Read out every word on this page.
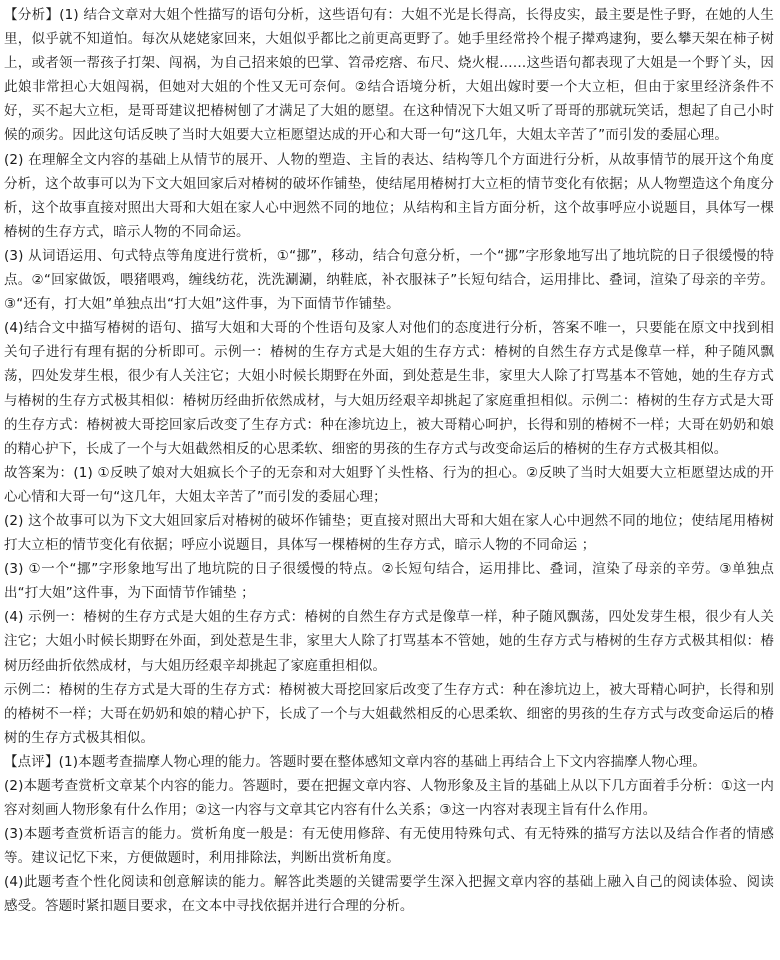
【分析】(1) 结合文章对大姐个性描写的语句分析，这些语句有：大姐不光是长得高，长得皮实，最主要是性子野，在她的人生里，似乎就不知道怕。每次从姥姥家回来，大姐似乎都比之前更高更野了。她手里经常拎个棍子撵鸡逮狗，要么攀天架在柿子树上，或者领一帮孩子打架、闯祸，为自己招来娘的巴掌、笤帚疙瘩、布尺、烧火棍……这些语句都表现了大姐是一个野丫头，因此娘非常担心大姐闯祸，但她对大姐的个性又无可奈何。②结合语境分析，大姐出嫁时要一个大立柜，但由于家里经济条件不好，买不起大立柜，是哥哥建议把椿树刨了才满足了大姐的愿望。在这种情况下大姐又听了哥哥的那就玩笑话，想起了自己小时候的顽劣。因此这句话反映了当时大姐要大立柜愿望达成的开心和大哥一句“这几年，大姐太辛苦了”而引发的委屈心理。

(2) 在理解全文内容的基础上从情节的展开、人物的塑造、主旨的表达、结构等几个方面进行分析，从故事情节的展开这个角度分析，这个故事可以为下文大姐回家后对椿树的破坏作铺垫，使结尾用椿树打大立柜的情节变化有依据；从人物塑造这个角度分析，这个故事直接对照出大哥和大姐在家人心中迥然不同的地位；从结构和主旨方面分析，这个故事呼应小说题目，具体写一棵椿树的生存方式，暗示人物的不同命运。

(3) 从词语运用、句式特点等角度进行赏析，①“挪”，移动，结合句意分析，一个“挪”字形象地写出了地坑院的日子很缓慢的特点。②“回家做饭，喂猪喂鸡，缠线纺花，洗洗涮涮，纳鞋底，补衣服袜子”长短句结合，运用排比、叠词，渲染了母亲的辛劳。③“还有，打大姐”单独点出“打大姐”这件事，为下面情节作铺垫。

(4)结合文中描写椿树的语句、描写大姐和大哥的个性语句及家人对他们的态度进行分析，答案不唯一，只要能在原文中找到相关句子进行有理有据的分析即可。示例一：椿树的生存方式是大姐的生存方式：椿树的自然生存方式是像草一样，种子随风飘荡，四处发芽生根，很少有人关注它；大姐小时候长期野在外面，到处惹是生非，家里大人除了打骂基本不管她，她的生存方式与椿树的生存方式极其相似：椿树历经曲折依然成材，与大姐历经艰辛却挑起了家庭重担相似。示例二：椿树的生存方式是大哥的生存方式：椿树被大哥挖回家后改变了生存方式：种在渗坑边上，被大哥精心呵护，长得和别的椿树不一样；大哥在奶奶和娘的精心护下，长成了一个与大姐截然相反的心思柔软、细密的男孩的生存方式与改变命运后的椿树的生存方式极其相似。

故答案为：(1) ①反映了娘对大姐疯长个子的无奈和对大姐野丫头性格、行为的担心。②反映了当时大姐要大立柜愿望达成的开心心情和大哥一句“这几年，大姐太辛苦了”而引发的委屈心理；

(2) 这个故事可以为下文大姐回家后对椿树的破坏作铺垫；更直接对照出大哥和大姐在家人心中迥然不同的地位；使结尾用椿树打大立柜的情节变化有依据；呼应小说题目，具体写一棵椿树的生存方式，暗示人物的不同命运 ；

(3) ①一个“挪”字形象地写出了地坑院的日子很缓慢的特点。②长短句结合，运用排比、叠词，渲染了母亲的辛劳。③单独点出“打大姐”这件事，为下面情节作铺垫 ；

(4) 示例一：椿树的生存方式是大姐的生存方式：椿树的自然生存方式是像草一样，种子随风飘荡，四处发芽生根，很少有人关注它；大姐小时候长期野在外面，到处惹是生非，家里大人除了打骂基本不管她，她的生存方式与椿树的生存方式极其相似：椿树历经曲折依然成材，与大姐历经艰辛却挑起了家庭重担相似。

示例二：椿树的生存方式是大哥的生存方式：椿树被大哥挖回家后改变了生存方式：种在渗坑边上，被大哥精心呵护，长得和别的椿树不一样；大哥在奶奶和娘的精心护下，长成了一个与大姐截然相反的心思柔软、细密的男孩的生存方式与改变命运后的椿树的生存方式极其相似。

【点评】(1)本题考查揣摩人物心理的能力。答题时要在整体感知文章内容的基础上再结合上下文内容揣摩人物心理。

(2)本题考查赏析文章某个内容的能力。答题时，要在把握文章内容、人物形象及主旨的基础上从以下几方面着手分析：①这一内容对刻画人物形象有什么作用；②这一内容与文章其它内容有什么关系；③这一内容对表现主旨有什么作用。

(3)本题考查赏析语言的能力。赏析角度一般是：有无使用修辞、有无使用特殊句式、有无特殊的描写方法以及结合作者的情感等。建议记忆下来，方便做题时，利用排除法，判断出赏析角度。

(4)此题考查个性化阅读和创意解读的能力。解答此类题的关键需要学生深入把握文章内容的基础上融入自己的阅读体验、阅读感受。答题时紧扣题目要求，在文本中寻找依据并进行合理的分析。
